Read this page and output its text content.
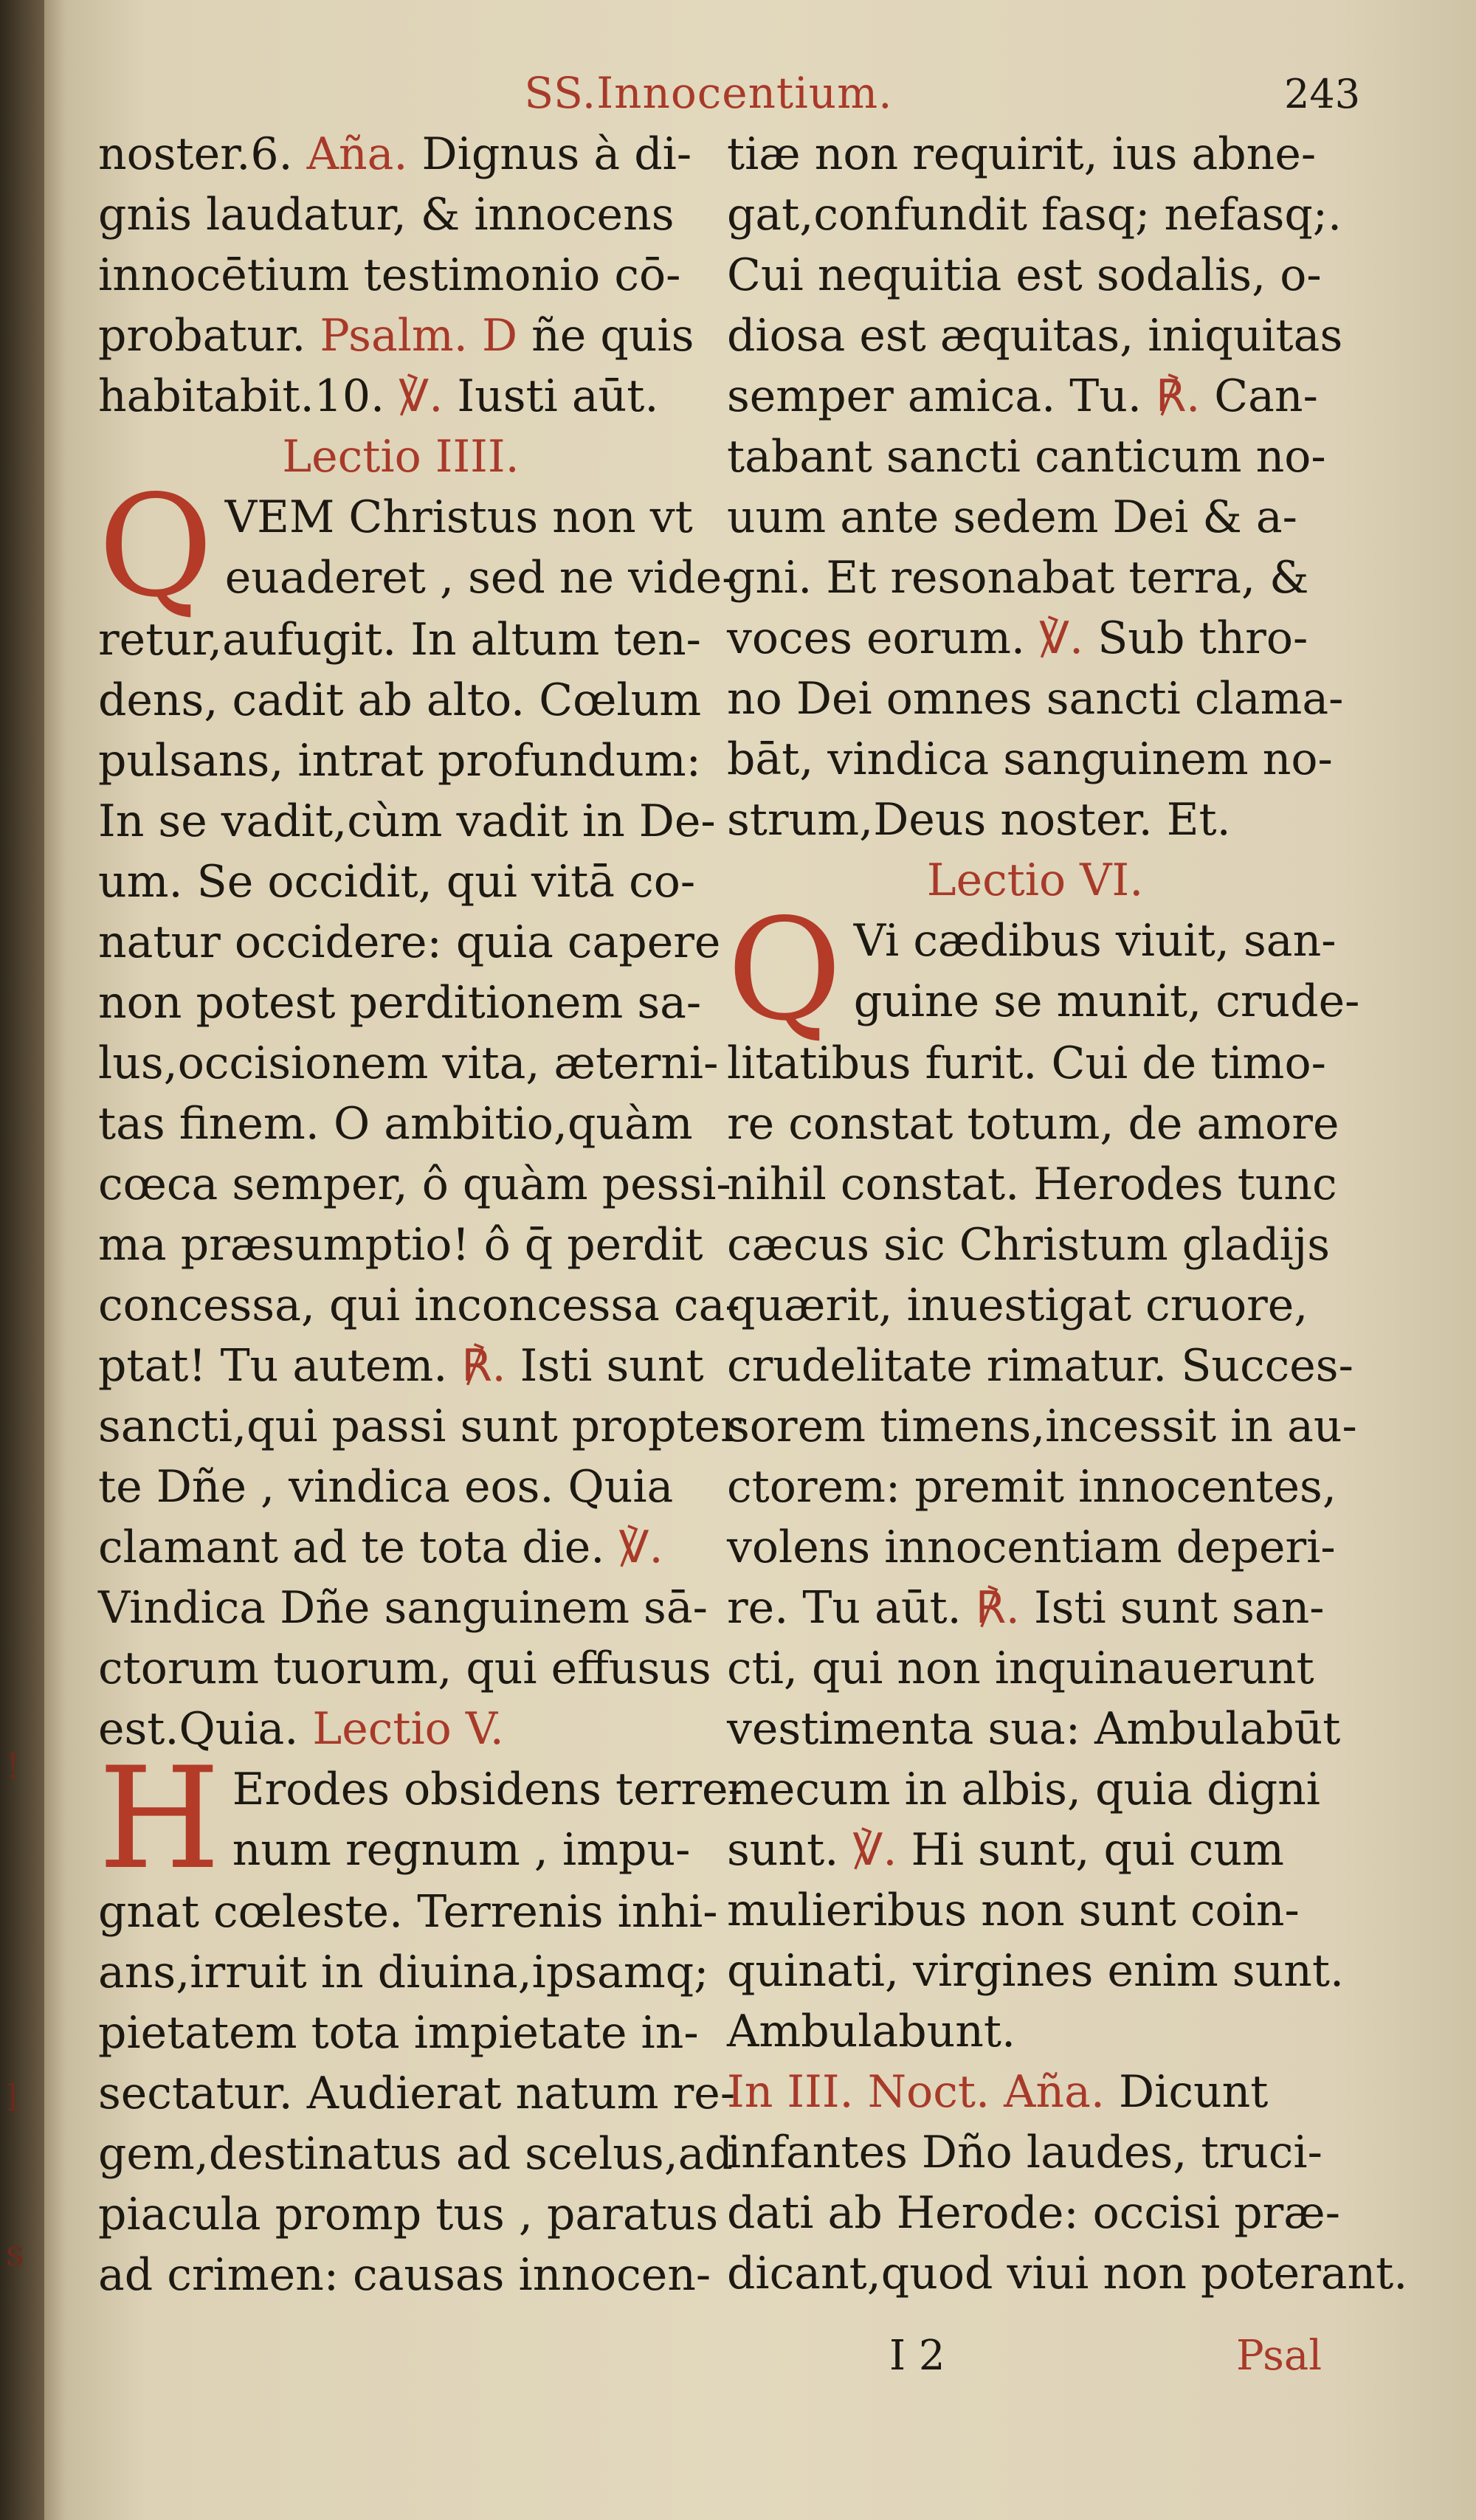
!
l
s
SS.Innocentium.	243
noster.6. Aña. Dignus à di-
gnis laudatur, & innocens
innocētium testimonio cō-
probatur. Psalm. D ñe quis
habitabit.10. ℣. Iusti aūt.
Lectio IIII.
Q VEM Christus non vt
euaderet , sed ne vide-
retur,aufugit. In altum ten-
dens, cadit ab alto. Cœlum
pulsans, intrat profundum:
In se vadit,cùm vadit in De-
um. Se occidit, qui vitā co-
natur occidere: quia capere
non potest perditionem sa-
lus,occisionem vita, æterni-
tas finem. O ambitio,quàm
cœca semper, ô quàm pessi-
ma præsumptio! ô q̄ perdit
concessa, qui inconcessa ca-
ptat! Tu autem. ℟. Isti sunt
sancti,qui passi sunt propter
te Dñe , vindica eos. Quia
clamant ad te tota die. ℣.
Vindica Dñe sanguinem sā-
ctorum tuorum, qui effusus
est.Quia. Lectio V.
H Erodes obsidens terre-
num regnum , impu-
gnat cœleste. Terrenis inhi-
ans,irruit in diuina,ipsamq;
pietatem tota impietate in-
sectatur. Audierat natum re-
gem,destinatus ad scelus,ad
piacula promp tus , paratus
ad crimen: causas innocen-
tiæ non requirit, ius abne-
gat,confundit fasq; nefasq;.
Cui nequitia est sodalis, o-
diosa est æquitas, iniquitas
semper amica. Tu. ℟. Can-
tabant sancti canticum no-
uum ante sedem Dei & a-
gni. Et resonabat terra, &
voces eorum. ℣. Sub thro-
no Dei omnes sancti clama-
bāt, vindica sanguinem no-
strum,Deus noster. Et.
Lectio VI.
Q Vi cædibus viuit, san-
guine se munit, crude-
litatibus furit. Cui de timo-
re constat totum, de amore
nihil constat. Herodes tunc
cæcus sic Christum gladijs
quærit, inuestigat cruore,
crudelitate rimatur. Succes-
sorem timens,incessit in au-
ctorem: premit innocentes,
volens innocentiam deperi-
re. Tu aūt. ℟. Isti sunt san-
cti, qui non inquinauerunt
vestimenta sua: Ambulabūt
mecum in albis, quia digni
sunt. ℣. Hi sunt, qui cum
mulieribus non sunt coin-
quinati, virgines enim sunt.
Ambulabunt.
In III. Noct. Aña. Dicunt
infantes Dño laudes, truci-
dati ab Herode: occisi præ-
dicant,quod viui non poterant.
I 2	Psal
